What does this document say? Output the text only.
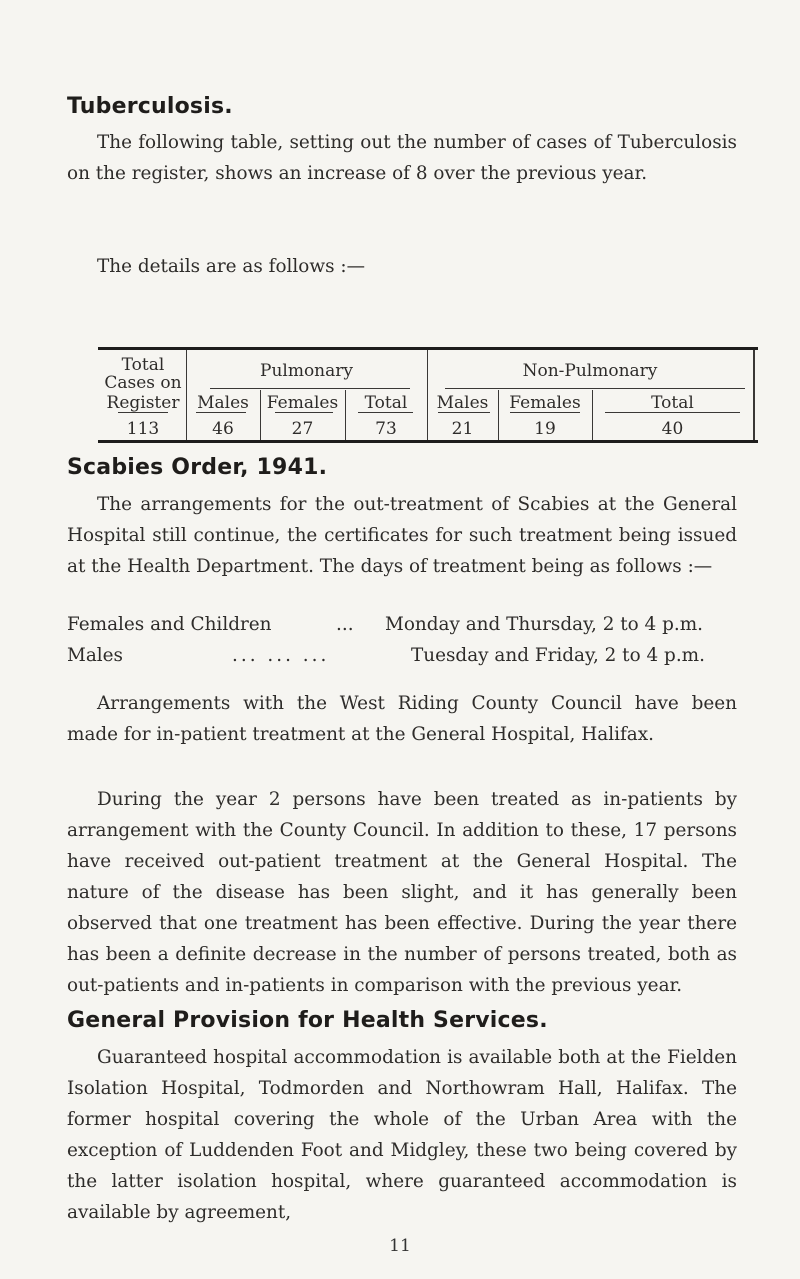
Tuberculosis.

The following table, setting out the number of cases of Tuberculosis on the register, shows an increase of 8 over the previous year.

The details are as follows :—

Total
Cases on
Register
Pulmonary	Non-Pulmonary
Males	Females	Total	Males	Females	Total
113	46	27	73	21	19	40
Scabies Order, 1941.

The arrangements for the out-treatment of Scabies at the General Hospital still continue, the certificates for such treatment being issued at the Health Department. The days of treatment being as follows :—

Females and Children	... Monday and Thursday, 2 to 4 p.m.
Males	... ... ...	Tuesday and Friday, 2 to 4 p.m.

Arrangements with the West Riding County Council have been made for in-patient treatment at the General Hospital, Halifax.

During the year 2 persons have been treated as in-patients by arrangement with the County Council. In addition to these, 17 persons have received out-patient treatment at the General Hospital. The nature of the disease has been slight, and it has generally been observed that one treatment has been effective. During the year there has been a definite decrease in the number of persons treated, both as out-patients and in-patients in comparison with the previous year.

General Provision for Health Services.

Guaranteed hospital accommodation is available both at the Fielden Isolation Hospital, Todmorden and Northowram Hall, Halifax. The former hospital covering the whole of the Urban Area with the exception of Luddenden Foot and Midgley, these two being covered by the latter isolation hospital, where guaranteed accommodation is available by agreement,

11
